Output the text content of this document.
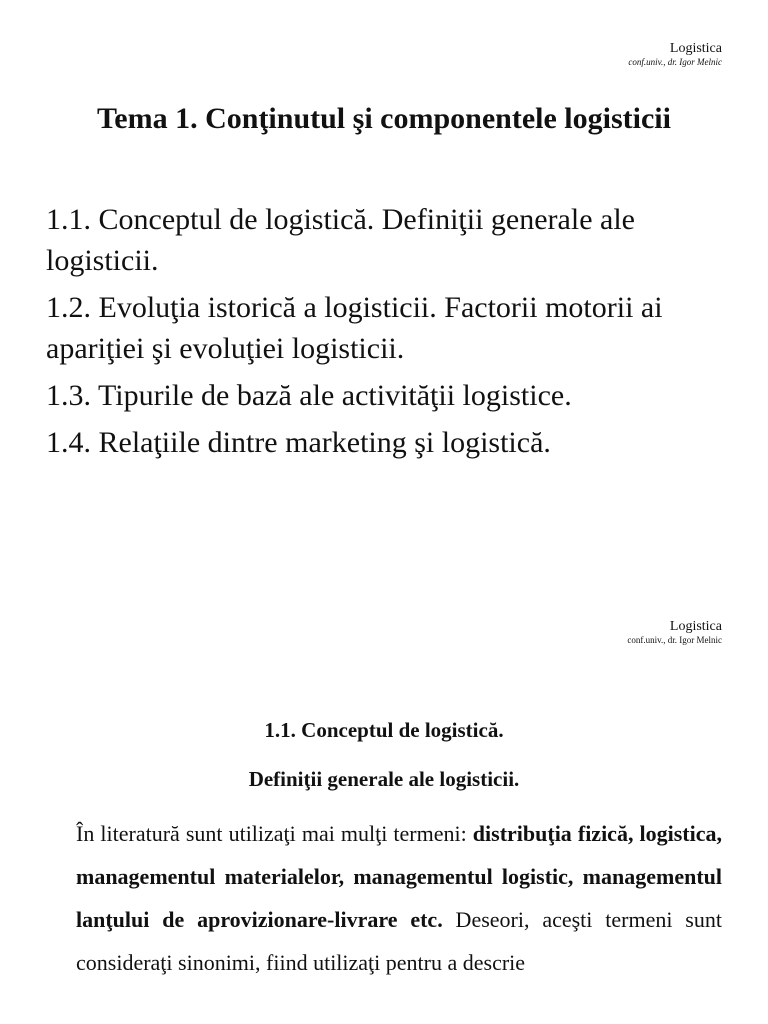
Logistica
conf.univ., dr. Igor Melnic
Tema 1. Conţinutul şi componentele logisticii
1.1. Conceptul de logistică. Definiţii generale ale logisticii.
1.2. Evoluţia istorică a logisticii. Factorii motorii ai apariţiei şi evoluţiei logisticii.
1.3. Tipurile de bază ale activităţii logistice.
1.4. Relaţiile dintre marketing şi logistică.
Logistica
conf.univ., dr. Igor Melnic
1.1. Conceptul de logistică.
Definiţii generale ale logisticii.

În literatură sunt utilizaţi mai mulţi termeni: distribuţia fizică, logistica, managementul materialelor, managementul logistic, managementul lanţului de aprovizionare-livrare etc. Deseori, aceşti termeni sunt consideraţi sinonimi, fiind utilizaţi pentru a descrie
